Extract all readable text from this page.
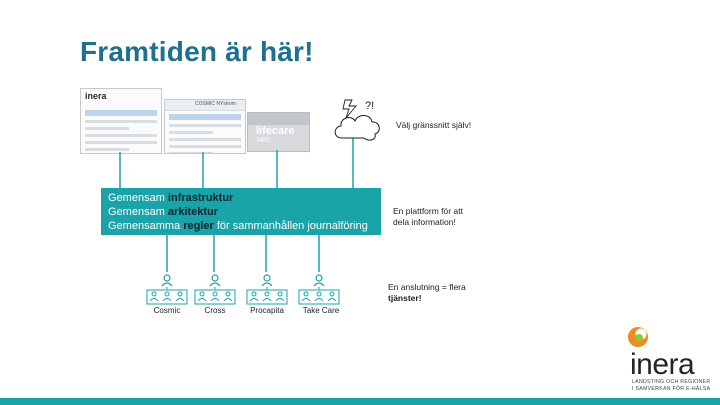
Framtiden är här!
inera
COSMIC NYstrom
lifecare
MPO
?!
Gemensam infrastruktur
Gemensam arkitektur
Gemensamma regler för sammanhållen journalföring
Välj gränssnitt själv!
En plattform för att
dela information!
En anslutning = flera
tjänster!
Cosmic	Cross	Procapita	Take Care
inera
LANDSTING OCH REGIONER
I SAMVERKAN FÖR E-HÄLSA
